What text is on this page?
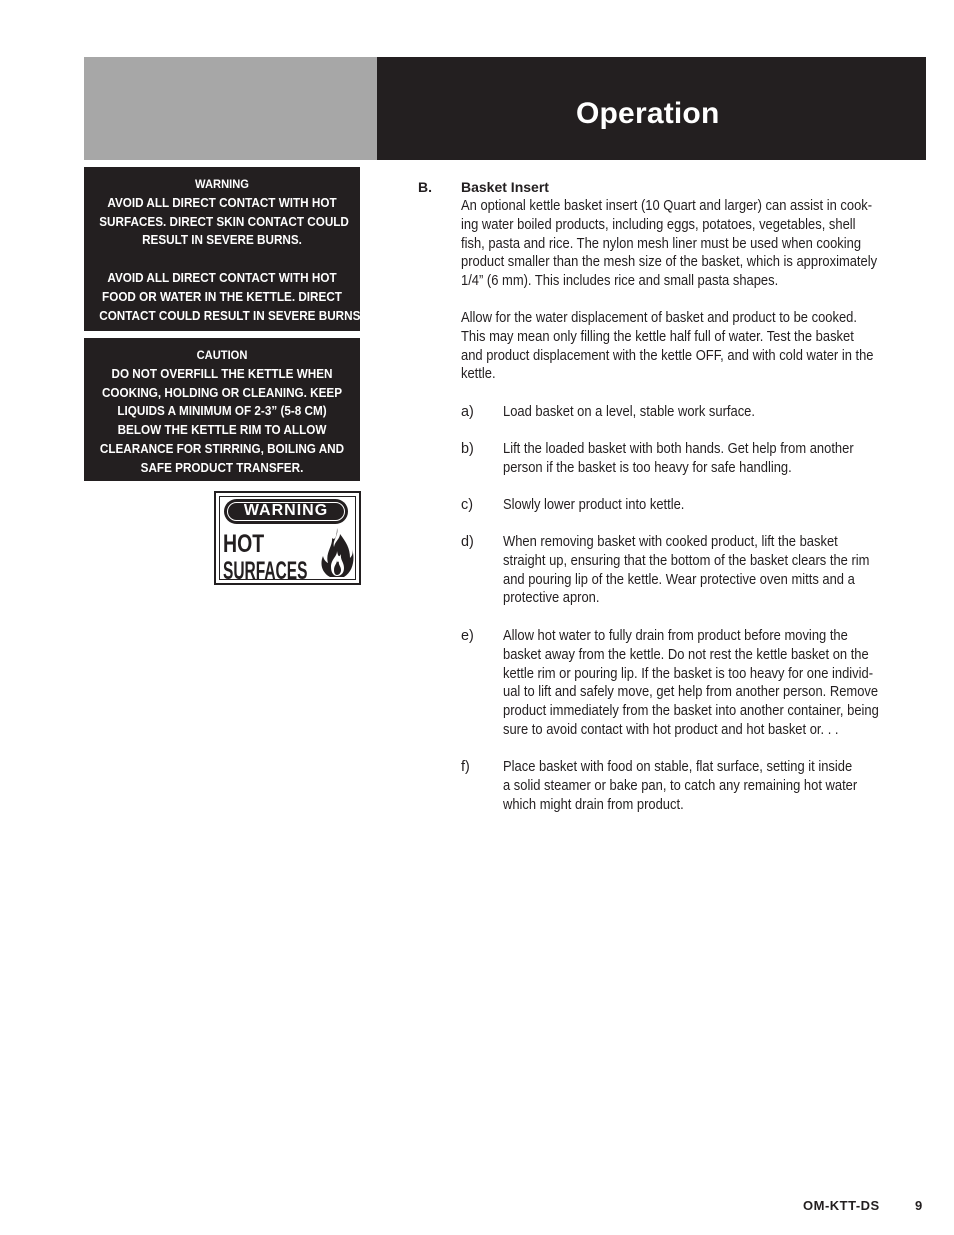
Operation
WARNING
AVOID ALL DIRECT CONTACT WITH HOT
SURFACES. DIRECT SKIN CONTACT COULD
RESULT IN SEVERE BURNS.
AVOID ALL DIRECT CONTACT WITH HOT
FOOD OR WATER IN THE KETTLE. DIRECT
CONTACT COULD RESULT IN SEVERE BURNS.
CAUTION
DO NOT OVERFILL THE KETTLE WHEN
COOKING, HOLDING OR CLEANING. KEEP
LIQUIDS A MINIMUM OF 2-3” (5-8 CM)
BELOW THE KETTLE RIM TO ALLOW
CLEARANCE FOR STIRRING, BOILING AND
SAFE PRODUCT TRANSFER.
WARNING

HOT

SURFACES

B. Basket Insert
An optional kettle basket insert (10 Quart and larger) can assist in cook-
ing water boiled products, including eggs, potatoes, vegetables, shell
fish, pasta and rice. The nylon mesh liner must be used when cooking
product smaller than the mesh size of the basket, which is approximately
1/4” (6 mm). This includes rice and small pasta shapes.
Allow for the water displacement of basket and product to be cooked.
This may mean only filling the kettle half full of water. Test the basket
and product displacement with the kettle OFF, and with cold water in the
kettle.
a) Load basket on a level, stable work surface.
b) Lift the loaded basket with both hands. Get help from another
person if the basket is too heavy for safe handling.
c) Slowly lower product into kettle.
d) When removing basket with cooked product, lift the basket
straight up, ensuring that the bottom of the basket clears the rim
and pouring lip of the kettle. Wear protective oven mitts and a
protective apron.
e) Allow hot water to fully drain from product before moving the
basket away from the kettle. Do not rest the kettle basket on the
kettle rim or pouring lip. If the basket is too heavy for one individ-
ual to lift and safely move, get help from another person. Remove
product immediately from the basket into another container, being
sure to avoid contact with hot product and hot basket or. . .
f) Place basket with food on stable, flat surface, setting it inside
a solid steamer or bake pan, to catch any remaining hot water
which might drain from product.
OM-KTT-DS	9
